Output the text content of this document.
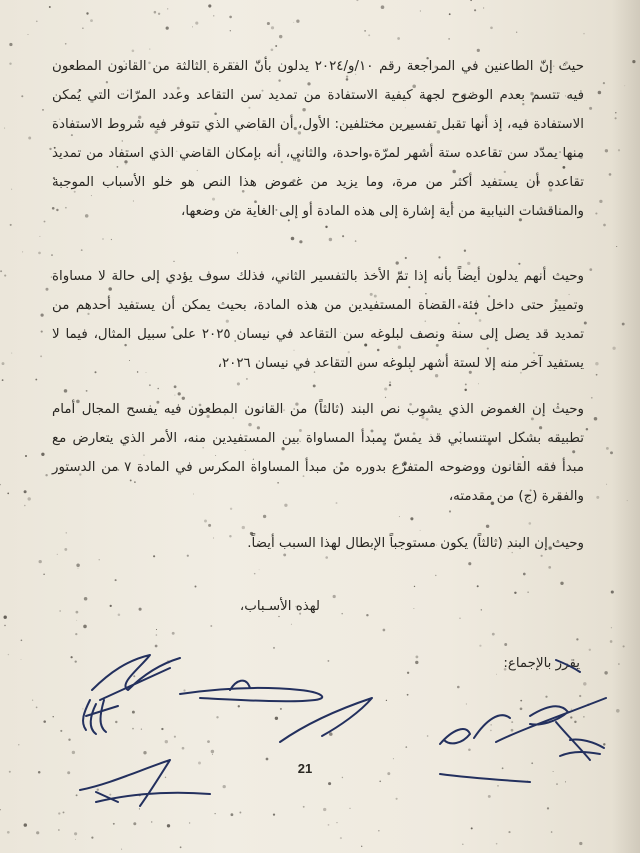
حيث إنّ الطاعنين في المراجعة رقم ١٠/و/٢٠٢٤ يدلون بأنّ الفقرة الثالثة من القانون المطعون فيه تتسم بعدم الوضوح لجهة كيفية الاستفادة من تمديد سن التقاعد وعدد المرّات التي يُمكن الاستفادة فيه، إذ أنها تقبل تفسيرين مختلفين: الأول، أن القاضي الذي تتوفر فيه شروط الاستفادة منها يمدّد سن تقاعده ستة أشهر لمرّة واحدة، والثاني، أنه بإمكان القاضي الذي استفاد من تمديد تقاعده أن يستفيد أكثر من مرة، وما يزيد من غموض هذا النص هو خلو الأسباب الموجبة والمناقشات النيابية من أية إشارة إلى هذه المادة أو إلى الغاية من وضعها،

وحيث أنهم يدلون أيضاً بأنه إذا تمّ الأخذ بالتفسير الثاني، فذلك سوف يؤدي إلى حالة لا مساواة وتمييز حتى داخل فئة القضاة المستفيدين من هذه المادة، بحيث يمكن أن يستفيد أحدهم من تمديد قد يصل إلى سنة ونصف لبلوغه سن التقاعد في نيسان ٢٠٢٥ على سبيل المثال، فيما لا يستفيد آخر منه إلا لستة أشهر لبلوغه سن التقاعد في نيسان ٢٠٢٦،

وحيث إن الغموض الذي يشوب نص البند (ثالثاً) من القانون المطعون فيه يفسح المجال أمام تطبيقه بشكل استنسابي قد يمسّ بمبدأ المساواة بين المستفيدين منه، الأمر الذي يتعارض مع مبدأ فقه القانون ووضوحه المتفرّع بدوره من مبدأ المساواة المكرس في المادة ٧ من الدستور والفقرة (ج) من مقدمته،

وحيث إن البند (ثالثاً) يكون مستوجباً الإبطال لهذا السبب أيضاً.

لهذه الأسـباب،
يقرر بالإجماع:
21
